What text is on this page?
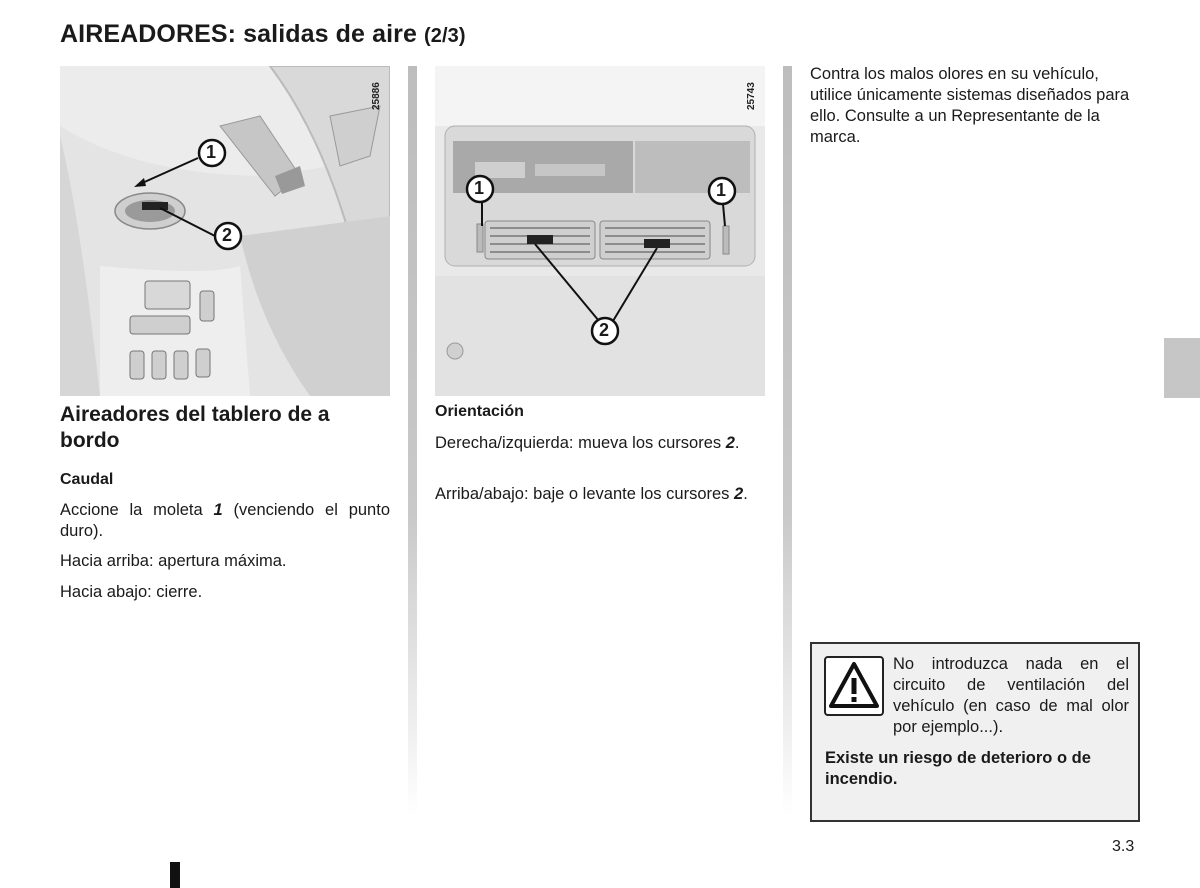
AIREADORES: salidas de aire (2/3)
25886
1
2
25743
1	1
2
Aireadores del tablero de a bordo
Caudal
Accione la moleta 1 (venciendo el punto duro).
Hacia arriba: apertura máxima.
Hacia abajo: cierre.
Orientación
Derecha/izquierda: mueva los cursores 2.
Arriba/abajo: baje o levante los cursores 2.
Contra los malos olores en su vehículo, utilice únicamente sistemas diseñados para ello. Consulte a un Representante de la marca.
No introduzca nada en el circuito de ventilación del vehículo (en caso de mal olor por ejemplo...).
Existe un riesgo de deterioro o de incendio.
3.3
